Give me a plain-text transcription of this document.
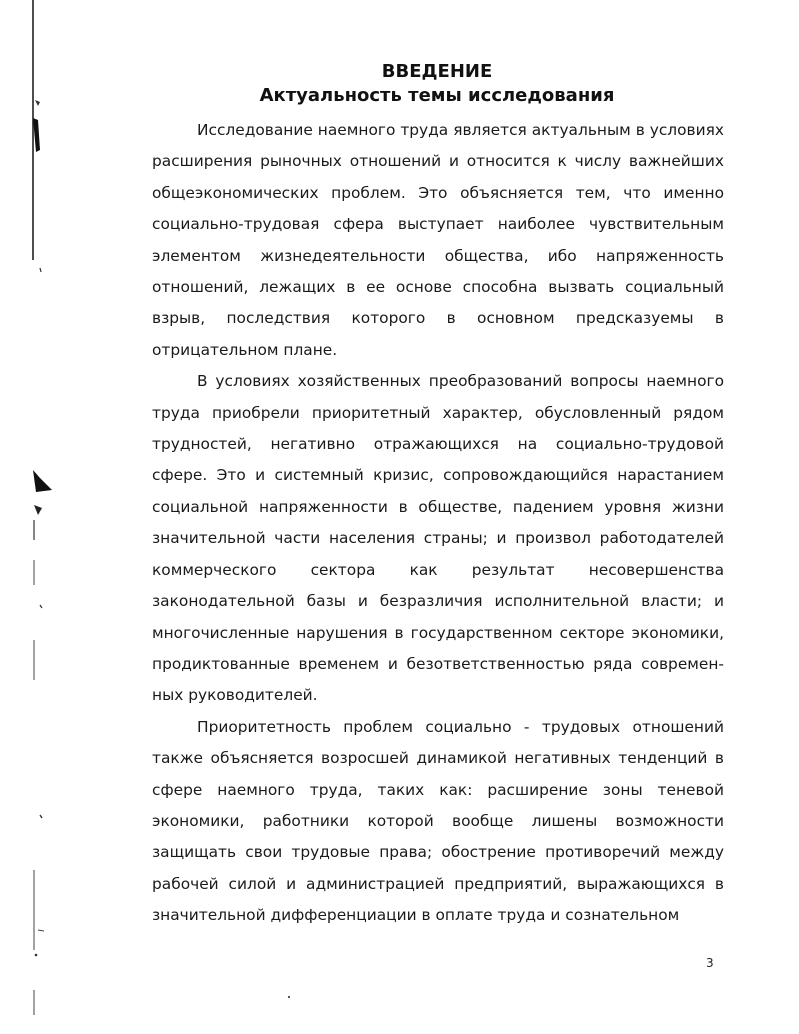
ВВЕДЕНИЕ
Актуальность темы исследования

Исследование наемного труда является актуальным в условиях расширения рыночных отношений и относится к числу важнейших общеэкономических проблем. Это объясняется тем, что именно социально-трудовая сфера выступает наиболее чувствительным элементом жизнедеятельности общества, ибо напряженность отношений, лежащих в ее основе способна вызвать социальный взрыв, последствия которого в основном предсказуемы в отрицательном плане.

В условиях хозяйственных преобразований вопросы наемного труда приобрели приоритетный характер, обусловленный рядом трудностей, негативно отражающихся на социально-трудовой сфере. Это и системный кризис, сопровождающийся нарастанием социальной напряженности в обществе, падением уровня жизни значительной части населения страны; и произвол работодателей коммерческого сектора как результат несовершенства законодательной базы и безразличия исполнительной власти; и многочисленные нарушения в государственном секторе экономики, продиктованные временем и безответственностью ряда современ-ных руководителей.

Приоритетность проблем социально - трудовых отношений также объясняется возросшей динамикой негативных тенденций в сфере наемного труда, таких как: расширение зоны теневой экономики, работники которой вообще лишены возможности защищать свои трудовые права; обострение противоречий между рабочей силой и администрацией предприятий, выражающихся в значительной дифференциации в оплате труда и сознательном

3
